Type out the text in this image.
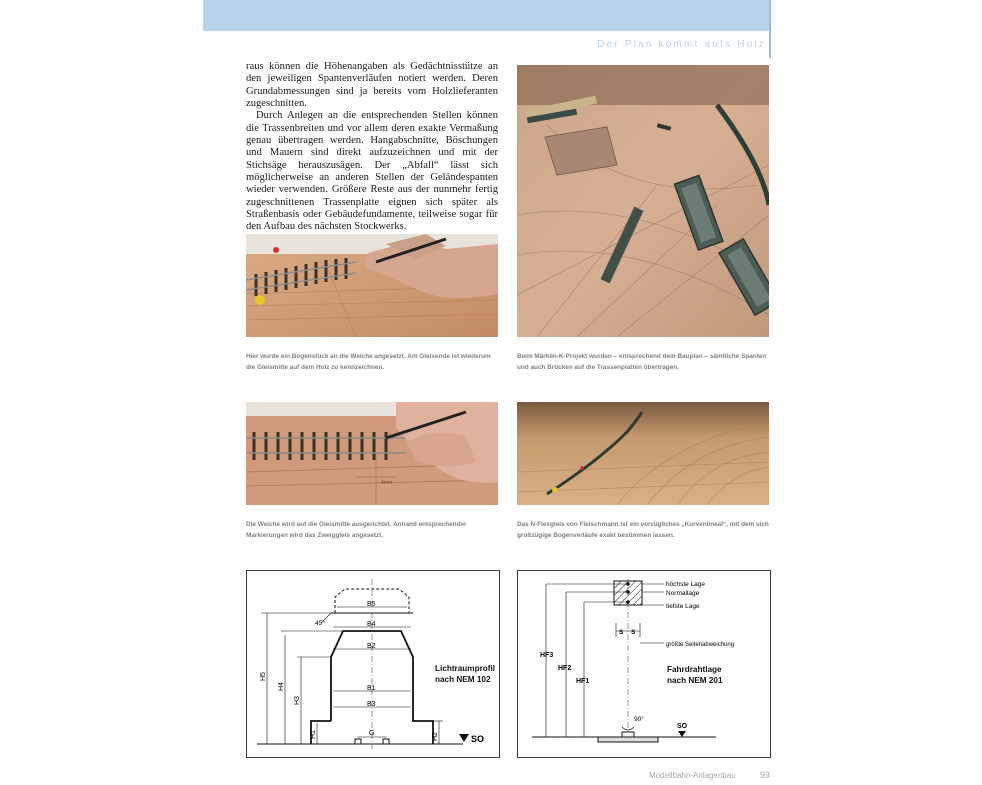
Der Plan kommt aufs Holz

raus können die Höhenangaben als Gedächtnisstütze an den jeweiligen Spantenverläufen notiert werden. Deren Grundabmessungen sind ja bereits vom Holzlieferanten zugeschnitten.

Durch Anlegen an die entsprechenden Stellen können die Trassenbreiten und vor allem deren exakte Vermaßung genau übertragen werden. Hangabschnitte, Böschungen und Mauern sind direkt aufzuzeichnen und mit der Stichsäge herauszusägen. Der „Abfall“ lässt sich möglicherweise an anderen Stellen der Geländespanten wieder verwenden. Größere Reste aus der nunmehr fertig zugeschnittenen Trassenplatte eignen sich später als Straßenbasis oder Gebäudefundamente, teilweise sogar für den Aufbau des nächsten Stockwerks.

Hier wurde ein Bogenstück an die Weiche angesetzt. Am Gleisende ist wiederum die Gleismitte auf dem Holz zu kennzeichnen.
Beim Märklin-K-Projekt wurden – entsprechend dem Bauplan – sämtliche Spanten und auch Brücken auf die Trassenplatten übertragen.
4mm
Die Weiche wird auf die Gleismitte ausgerichtet. Anhand entsprechender Markierungen wird das Zweiggleis angesetzt.
Das N-Flexgleis von Fleischmann ist ein vorzügliches „Kurvenlineal“, mit dem sich großzügige Bogenverläufe exakt bestimmen lassen.
B5
B4
B2
B1
B3
G
45°
H5
H4
H3
H1	H2	SO
Lichtraumprofil
nach NEM 102
höchste Lage
Normallage
tiefste Lage
größte Seitenabweichung
S S
HF3
HF2
HF1
90°
SO
Fahrdrahtlage
nach NEM 201
Modellbahn-Anlagenbau	93
